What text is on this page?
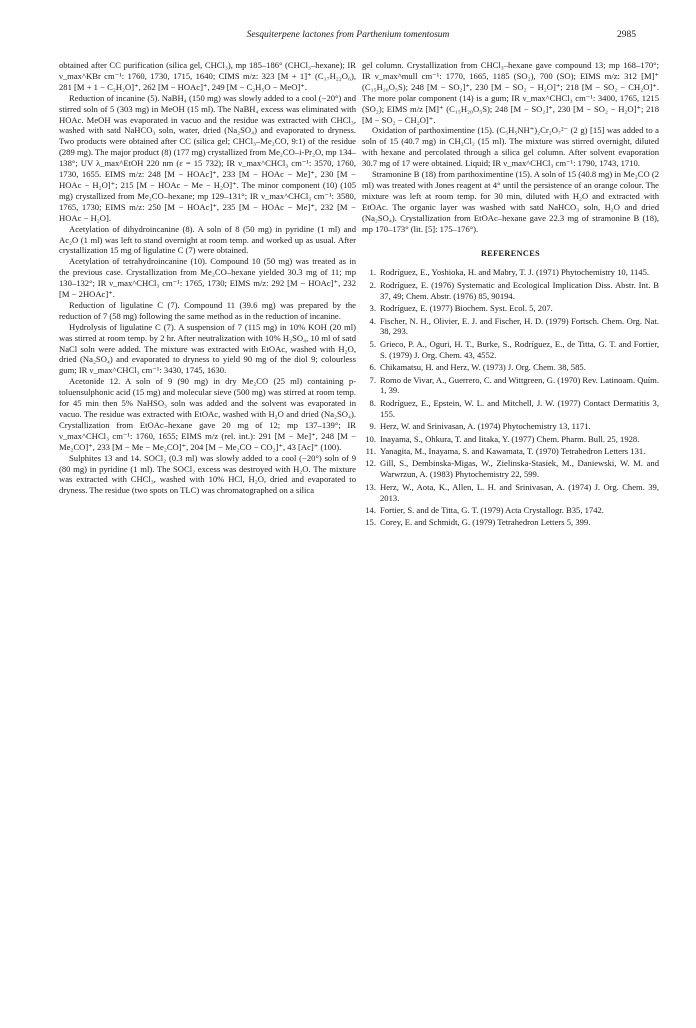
Sesquiterpene lactones from Parthenium tomentosum	2985

obtained after CC purification (silica gel, CHCl₃), mp 185–186° (CHCl₃–hexane); IR ν_max^KBr cm⁻¹: 1760, 1730, 1715, 1640; CIMS m/z: 323 [M + 1]⁺ (C₁₇H₂₂O₆), 281 [M + 1 − C₂H₂O]⁺, 262 [M − HOAc]⁺, 249 [M − C₂H₅O − MeO]⁺.

Reduction of incanine (5). NaBH₄ (150 mg) was slowly added to a cool (−20°) and stirred soln of 5 (303 mg) in MeOH (15 ml). The NaBH₄ excess was eliminated with HOAc. MeOH was evaporated in vacuo and the residue was extracted with CHCl₃, washed with satd NaHCO₃ soln, water, dried (Na₂SO₄) and evaporated to dryness. Two products were obtained after CC (silica gel; CHCl₃–Me₂CO, 9:1) of the residue (289 mg). The major product (8) (177 mg) crystallized from Me₂CO–i-Pr₂O, mp 134–138°; UV λ_max^EtOH 220 nm (ε = 15 732); IR ν_max^CHCl₃ cm⁻¹: 3570, 1760, 1730, 1655. EIMS m/z: 248 [M − HOAc]⁺, 233 [M − HOAc − Me]⁺, 230 [M − HOAc − H₂O]⁺; 215 [M − HOAc − Me − H₂O]⁺. The minor component (10) (105 mg) crystallized from Me₂CO–hexane; mp 129–131°; IR ν_max^CHCl₃ cm⁻¹: 3580, 1765, 1730; EIMS m/z: 250 [M − HOAc]⁺, 235 [M − HOAc − Me]⁺, 232 [M − HOAc − H₂O].

Acetylation of dihydroincanine (8). A soln of 8 (50 mg) in pyridine (1 ml) and Ac₂O (1 ml) was left to stand overnight at room temp. and worked up as usual. After crystallization 15 mg of ligulatine C (7) were obtained.

Acetylation of tetrahydroincanine (10). Compound 10 (50 mg) was treated as in the previous case. Crystallization from Me₂CO–hexane yielded 30.3 mg of 11; mp 130–132°; IR ν_max^CHCl₃ cm⁻¹: 1765, 1730; EIMS m/z: 292 [M − HOAc]⁺, 232 [M − 2HOAc]⁺.

Reduction of ligulatine C (7). Compound 11 (39.6 mg) was prepared by the reduction of 7 (58 mg) following the same method as in the reduction of incanine.

Hydrolysis of ligulatine C (7). A suspension of 7 (115 mg) in 10% KOH (20 ml) was stirred at room temp. by 2 hr. After neutralization with 10% H₂SO₄, 10 ml of satd NaCl soln were added. The mixture was extracted with EtOAc, washed with H₂O, dried (Na₂SO₄) and evaporated to dryness to yield 90 mg of the diol 9; colourless gum; IR ν_max^CHCl₃ cm⁻¹: 3430, 1745, 1630.

Acetonide 12. A soln of 9 (90 mg) in dry Me₂CO (25 ml) containing p-toluensulphonic acid (15 mg) and molecular sieve (500 mg) was stirred at room temp. for 45 min then 5% NaHSO₃ soln was added and the solvent was evaporated in vacuo. The residue was extracted with EtOAc, washed with H₂O and dried (Na₂SO₄). Crystallization from EtOAc–hexane gave 20 mg of 12; mp 137–139°; IR ν_max^CHCl₃ cm⁻¹: 1760, 1655; EIMS m/z (rel. int.): 291 [M − Me]⁺, 248 [M − Me₂CO]⁺, 233 [M − Me − Me₂CO]⁺, 204 [M − Me₂CO − CO₂]⁺, 43 [Ac]⁺ (100).

Sulphites 13 and 14. SOCl₂ (0.3 ml) was slowly added to a cool (−20°) soln of 9 (80 mg) in pyridine (1 ml). The SOCl₂ excess was destroyed with H₂O. The mixture was extracted with CHCl₃, washed with 10% HCl, H₂O, dried and evaporated to dryness. The residue (two spots on TLC) was chromatographed on a silica

gel column. Crystallization from CHCl₃–hexane gave compound 13; mp 168–170°; IR ν_max^mull cm⁻¹: 1770, 1665, 1185 (SO₂), 700 (SO); EIMS m/z: 312 [M]⁺ (C₁₅H₂₀O₅S); 248 [M − SO₂]⁺, 230 [M − SO₂ − H₂O]⁺; 218 [M − SO₂ − CH₂O]⁺. The more polar component (14) is a gum; IR ν_max^CHCl₃ cm⁻¹: 3400, 1765, 1215 (SO₂); EIMS m/z [M]⁺ (C₁₅H₂₀O₅S); 248 [M − SO₂]⁺, 230 [M − SO₂ − H₂O]⁺; 218 [M − SO₂ − CH₂O]⁺.

Oxidation of parthoximentine (15). (C₅H₅NH⁺)₂Cr₂O₇²⁻ (2 g) [15] was added to a soln of 15 (40.7 mg) in CH₂Cl₂ (15 ml). The mixture was stirred overnight, diluted with hexane and percolated through a silica gel column. After solvent evaporation 30.7 mg of 17 were obtained. Liquid; IR ν_max^CHCl₃ cm⁻¹: 1790, 1743, 1710.

Stramonine B (18) from parthoximentine (15). A soln of 15 (40.8 mg) in Me₂CO (2 ml) was treated with Jones reagent at 4° until the persistence of an orange colour. The mixture was left at room temp. for 30 min, diluted with H₂O and extracted with EtOAc. The organic layer was washed with satd NaHCO₃ soln, H₂O and dried (Na₂SO₄). Crystallization from EtOAc–hexane gave 22.3 mg of stramonine B (18), mp 170–173° (lit. [5]: 175–176°).

REFERENCES
1. Rodríguez, E., Yoshioka, H. and Mabry, T. J. (1971) Phytochemistry 10, 1145.
2. Rodríguez, E. (1976) Systematic and Ecological Implication Diss. Abstr. Int. B 37, 49; Chem. Abstr. (1976) 85, 90194.
3. Rodríguez, E. (1977) Biochem. Syst. Ecol. 5, 207.
4. Fischer, N. H., Olivier, E. J. and Fischer, H. D. (1979) Fortsch. Chem. Org. Nat. 38, 293.
5. Grieco, P. A., Oguri, H. T., Burke, S., Rodríguez, E., de Titta, G. T. and Fortier, S. (1979) J. Org. Chem. 43, 4552.
6. Chikamatsu, H. and Herz, W. (1973) J. Org. Chem. 38, 585.
7. Romo de Vivar, A., Guerrero, C. and Wittgreen, G. (1970) Rev. Latinoam. Quím. 1, 39.
8. Rodríguez, E., Epstein, W. L. and Mitchell, J. W. (1977) Contact Dermatitis 3, 155.
9. Herz, W. and Srinivasan, A. (1974) Phytochemistry 13, 1171.
10. Inayama, S., Ohkura, T. and Iitaka, Y. (1977) Chem. Pharm. Bull. 25, 1928.
11. Yanagita, M., Inayama, S. and Kawamata, T. (1970) Tetrahedron Letters 131.
12. Gill, S., Dembinska-Migas, W., Zielinska-Stasiek, M., Daniewski, W. M. and Warwrzun, A. (1983) Phytochemistry 22, 599.
13. Herz, W., Aota, K., Allen, L. H. and Srinivasan, A. (1974) J. Org. Chem. 39, 2013.
14. Fortier, S. and de Titta, G. T. (1979) Acta Crystallogr. B35, 1742.
15. Corey, E. and Schmidt, G. (1979) Tetrahedron Letters 5, 399.
